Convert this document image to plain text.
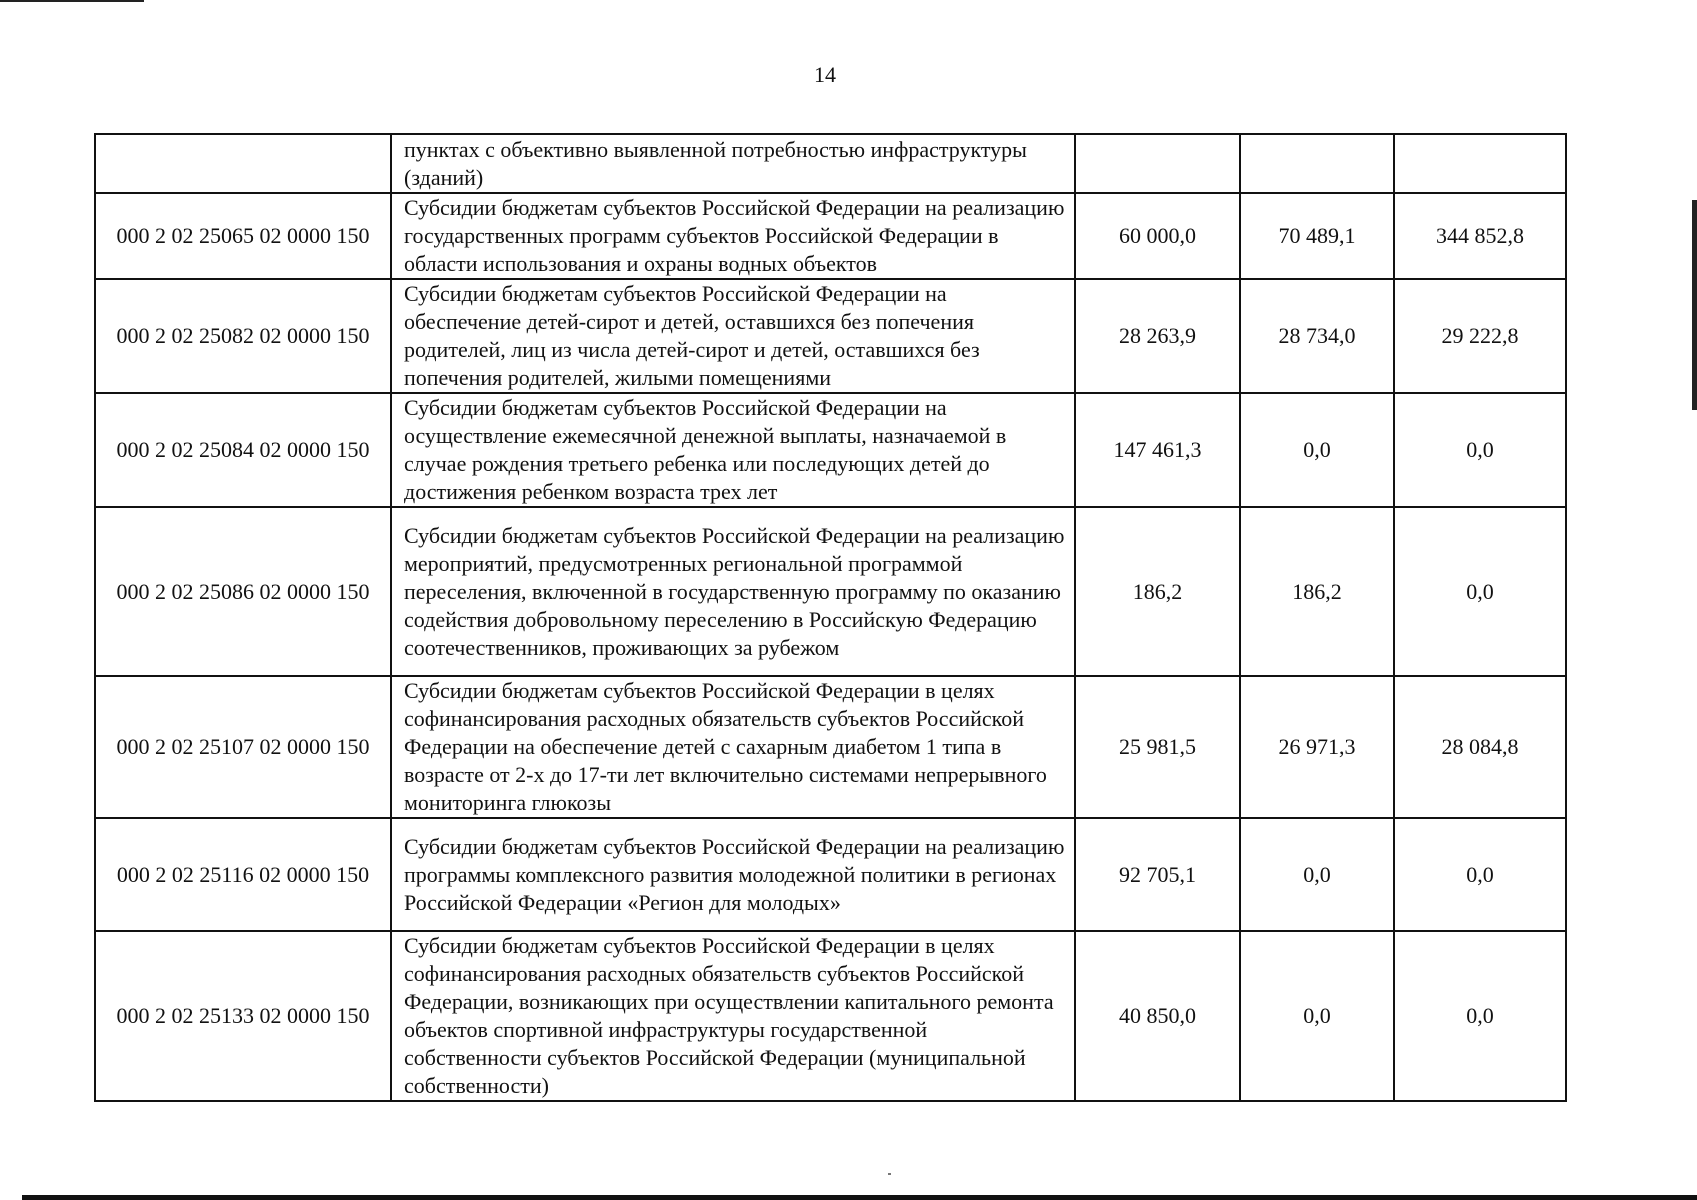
14
	пунктах с объективно выявленной потребностью инфраструктуры (зданий)			
000 2 02 25065 02 0000 150	Субсидии бюджетам субъектов Российской Федерации на реализацию государственных программ субъектов Российской Федерации в области использования и охраны водных объектов	60 000,0	70 489,1	344 852,8
000 2 02 25082 02 0000 150	Субсидии бюджетам субъектов Российской Федерации на обеспечение детей-сирот и детей, оставшихся без попечения родителей, лиц из числа детей-сирот и детей, оставшихся без попечения родителей, жилыми помещениями	28 263,9	28 734,0	29 222,8
000 2 02 25084 02 0000 150	Субсидии бюджетам субъектов Российской Федерации на осуществление ежемесячной денежной выплаты, назначаемой в случае рождения третьего ребенка или последующих детей до достижения ребенком возраста трех лет	147 461,3	0,0	0,0
000 2 02 25086 02 0000 150	Субсидии бюджетам субъектов Российской Федерации на реализацию мероприятий, предусмотренных региональной программой переселения, включенной в государственную программу по оказанию содействия добровольному переселению в Российскую Федерацию соотечественников, проживающих за рубежом	186,2	186,2	0,0
000 2 02 25107 02 0000 150	Субсидии бюджетам субъектов Российской Федерации в целях софинансирования расходных обязательств субъектов Российской Федерации на обеспечение детей с сахарным диабетом 1 типа в возрасте от 2-х до 17-ти лет включительно системами непрерывного мониторинга глюкозы	25 981,5	26 971,3	28 084,8
000 2 02 25116 02 0000 150	Субсидии бюджетам субъектов Российской Федерации на реализацию программы комплексного развития молодежной политики в регионах Российской Федерации «Регион для молодых»	92 705,1	0,0	0,0
000 2 02 25133 02 0000 150	Субсидии бюджетам субъектов Российской Федерации в целях софинансирования расходных обязательств субъектов Российской Федерации, возникающих при осуществлении капитального ремонта объектов спортивной инфраструктуры государственной собственности субъектов Российской Федерации (муниципальной собственности)	40 850,0	0,0	0,0
